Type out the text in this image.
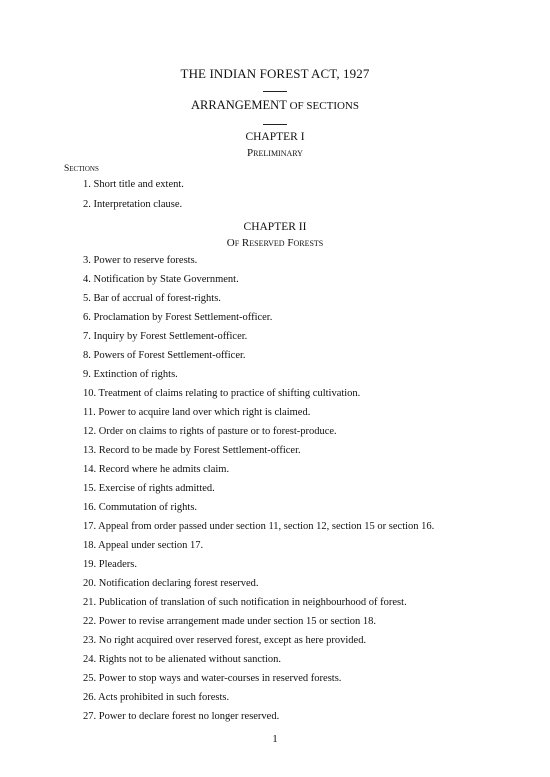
THE INDIAN FOREST ACT, 1927
ARRANGEMENT OF SECTIONS
CHAPTER I
Preliminary
Sections
1. Short title and extent.
2. Interpretation clause.
CHAPTER II
Of Reserved Forests
3. Power to reserve forests.
4. Notification by State Government.
5. Bar of accrual of forest-rights.
6. Proclamation by Forest Settlement-officer.
7. Inquiry by Forest Settlement-officer.
8. Powers of Forest Settlement-officer.
9. Extinction of rights.
10. Treatment of claims relating to practice of shifting cultivation.
11. Power to acquire land over which right is claimed.
12. Order on claims to rights of pasture or to forest-produce.
13. Record to be made by Forest Settlement-officer.
14. Record where he admits claim.
15. Exercise of rights admitted.
16. Commutation of rights.
17. Appeal from order passed under section 11, section 12, section 15 or section 16.
18. Appeal under section 17.
19. Pleaders.
20. Notification declaring forest reserved.
21. Publication of translation of such notification in neighbourhood of forest.
22. Power to revise arrangement made under section 15 or section 18.
23. No right acquired over reserved forest, except as here provided.
24. Rights not to be alienated without sanction.
25. Power to stop ways and water-courses in reserved forests.
26. Acts prohibited in such forests.
27. Power to declare forest no longer reserved.
1
